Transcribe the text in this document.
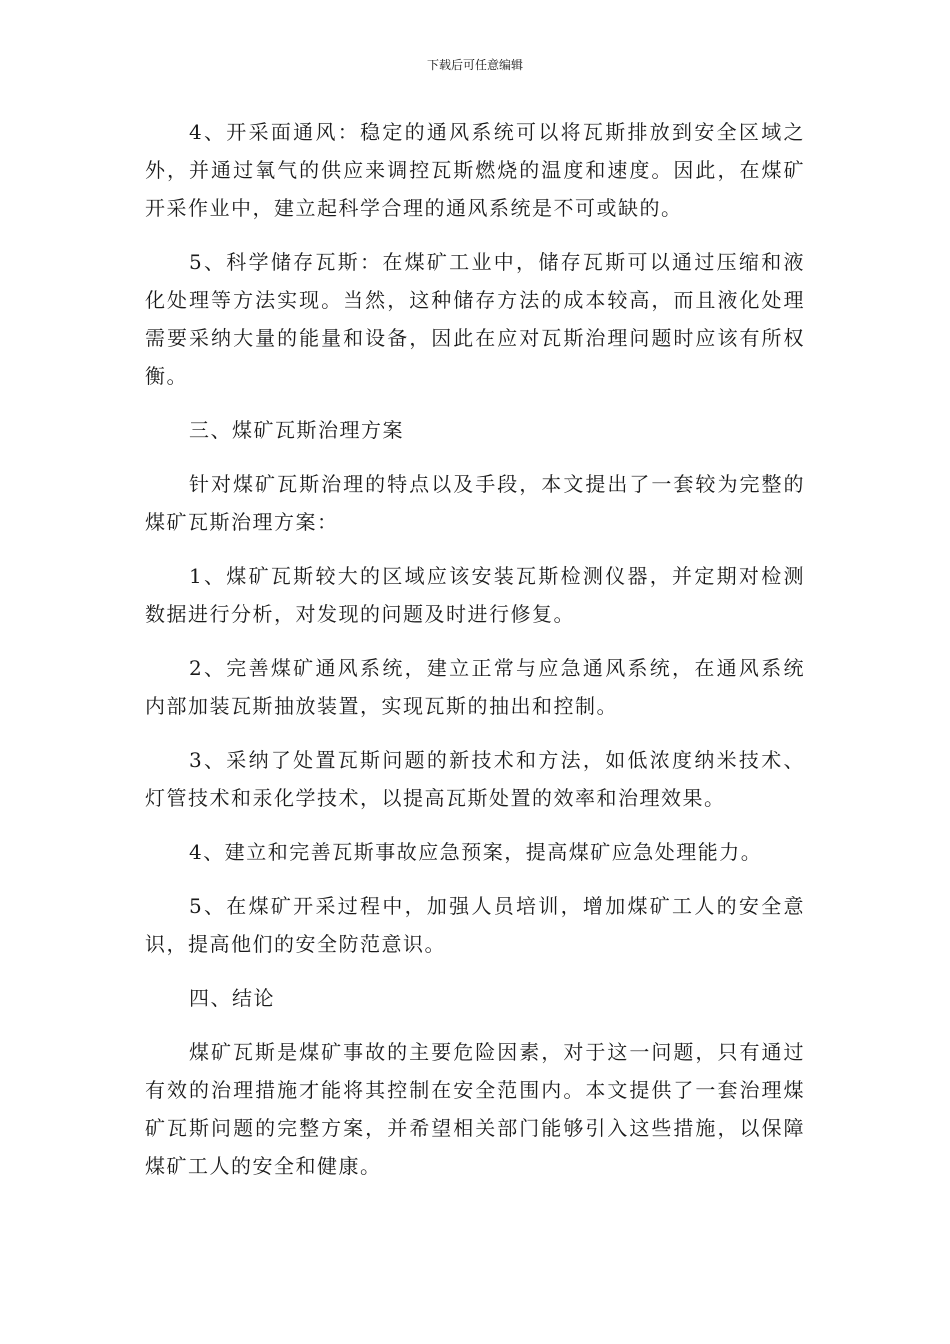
下载后可任意编辑

4、开采面通风：稳定的通风系统可以将瓦斯排放到安全区域之外，并通过氧气的供应来调控瓦斯燃烧的温度和速度。因此，在煤矿开采作业中，建立起科学合理的通风系统是不可或缺的。

5、科学储存瓦斯：在煤矿工业中，储存瓦斯可以通过压缩和液化处理等方法实现。当然，这种储存方法的成本较高，而且液化处理需要采纳大量的能量和设备，因此在应对瓦斯治理问题时应该有所权衡。

三、煤矿瓦斯治理方案

针对煤矿瓦斯治理的特点以及手段，本文提出了一套较为完整的煤矿瓦斯治理方案：

1、煤矿瓦斯较大的区域应该安装瓦斯检测仪器，并定期对检测数据进行分析，对发现的问题及时进行修复。

2、完善煤矿通风系统，建立正常与应急通风系统，在通风系统内部加装瓦斯抽放装置，实现瓦斯的抽出和控制。

3、采纳了处置瓦斯问题的新技术和方法，如低浓度纳米技术、灯管技术和汞化学技术，以提高瓦斯处置的效率和治理效果。

4、建立和完善瓦斯事故应急预案，提高煤矿应急处理能力。

5、在煤矿开采过程中，加强人员培训，增加煤矿工人的安全意识，提高他们的安全防范意识。

四、结论

煤矿瓦斯是煤矿事故的主要危险因素，对于这一问题，只有通过有效的治理措施才能将其控制在安全范围内。本文提供了一套治理煤矿瓦斯问题的完整方案，并希望相关部门能够引入这些措施，以保障煤矿工人的安全和健康。
